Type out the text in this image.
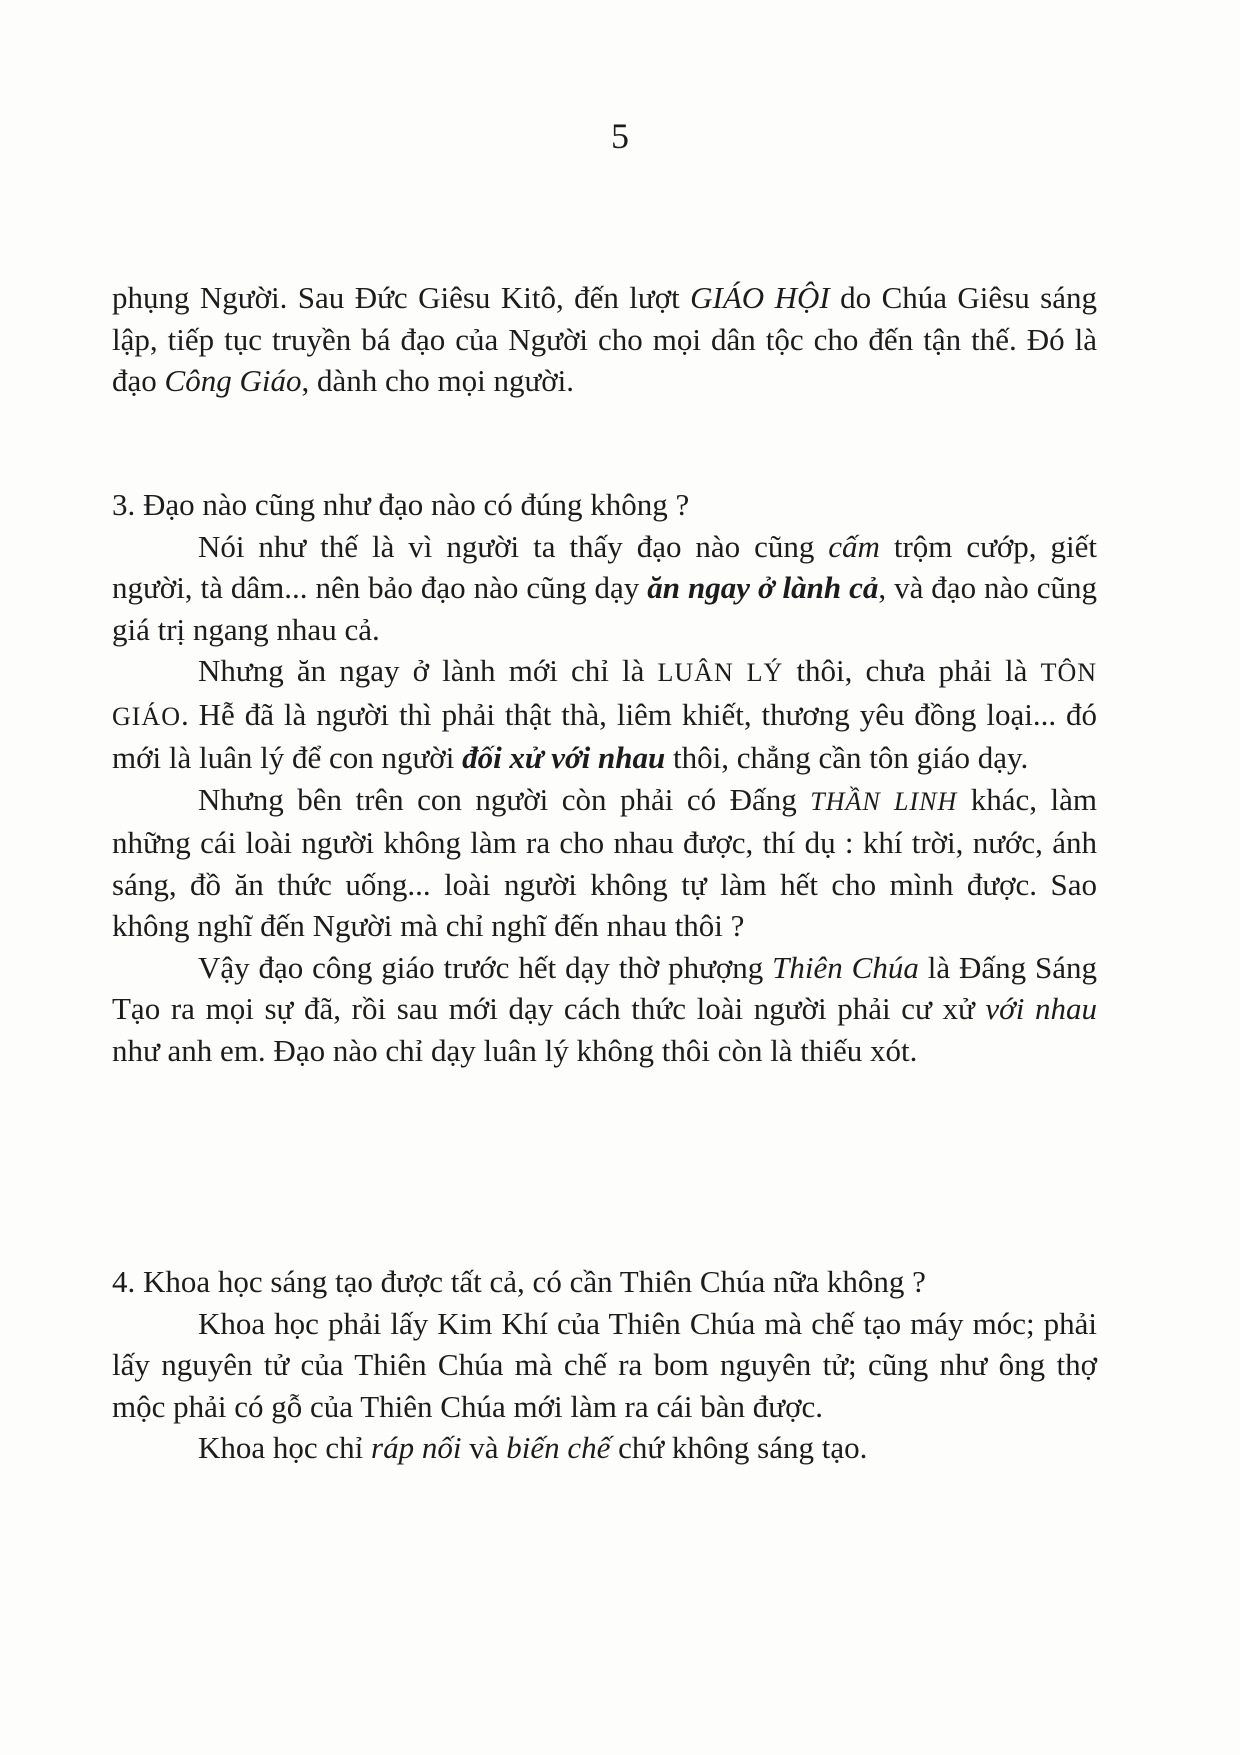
5

phụng Người. Sau Đức Giêsu Kitô, đến lượt GIÁO HỘI do Chúa Giêsu sáng lập, tiếp tục truyền bá đạo của Người cho mọi dân tộc cho đến tận thế. Đó là đạo Công Giáo, dành cho mọi người.

3. Đạo nào cũng như đạo nào có đúng không ?

Nói như thế là vì người ta thấy đạo nào cũng cấm trộm cướp, giết người, tà dâm... nên bảo đạo nào cũng dạy ăn ngay ở lành cả, và đạo nào cũng giá trị ngang nhau cả.

Nhưng ăn ngay ở lành mới chỉ là LUÂN LÝ thôi, chưa phải là TÔN GIÁO. Hễ đã là người thì phải thật thà, liêm khiết, thương yêu đồng loại... đó mới là luân lý để con người đối xử với nhau thôi, chẳng cần tôn giáo dạy.

Nhưng bên trên con người còn phải có Đấng THẦN LINH khác, làm những cái loài người không làm ra cho nhau được, thí dụ : khí trời, nước, ánh sáng, đồ ăn thức uống... loài người không tự làm hết cho mình được. Sao không nghĩ đến Người mà chỉ nghĩ đến nhau thôi ?

Vậy đạo công giáo trước hết dạy thờ phượng Thiên Chúa là Đấng Sáng Tạo ra mọi sự đã, rồi sau mới dạy cách thức loài người phải cư xử với nhau như anh em. Đạo nào chỉ dạy luân lý không thôi còn là thiếu xót.

4. Khoa học sáng tạo được tất cả, có cần Thiên Chúa nữa không ?

Khoa học phải lấy Kim Khí của Thiên Chúa mà chế tạo máy móc; phải lấy nguyên tử của Thiên Chúa mà chế ra bom nguyên tử; cũng như ông thợ mộc phải có gỗ của Thiên Chúa mới làm ra cái bàn được.

Khoa học chỉ ráp nối và biến chế chứ không sáng tạo.
